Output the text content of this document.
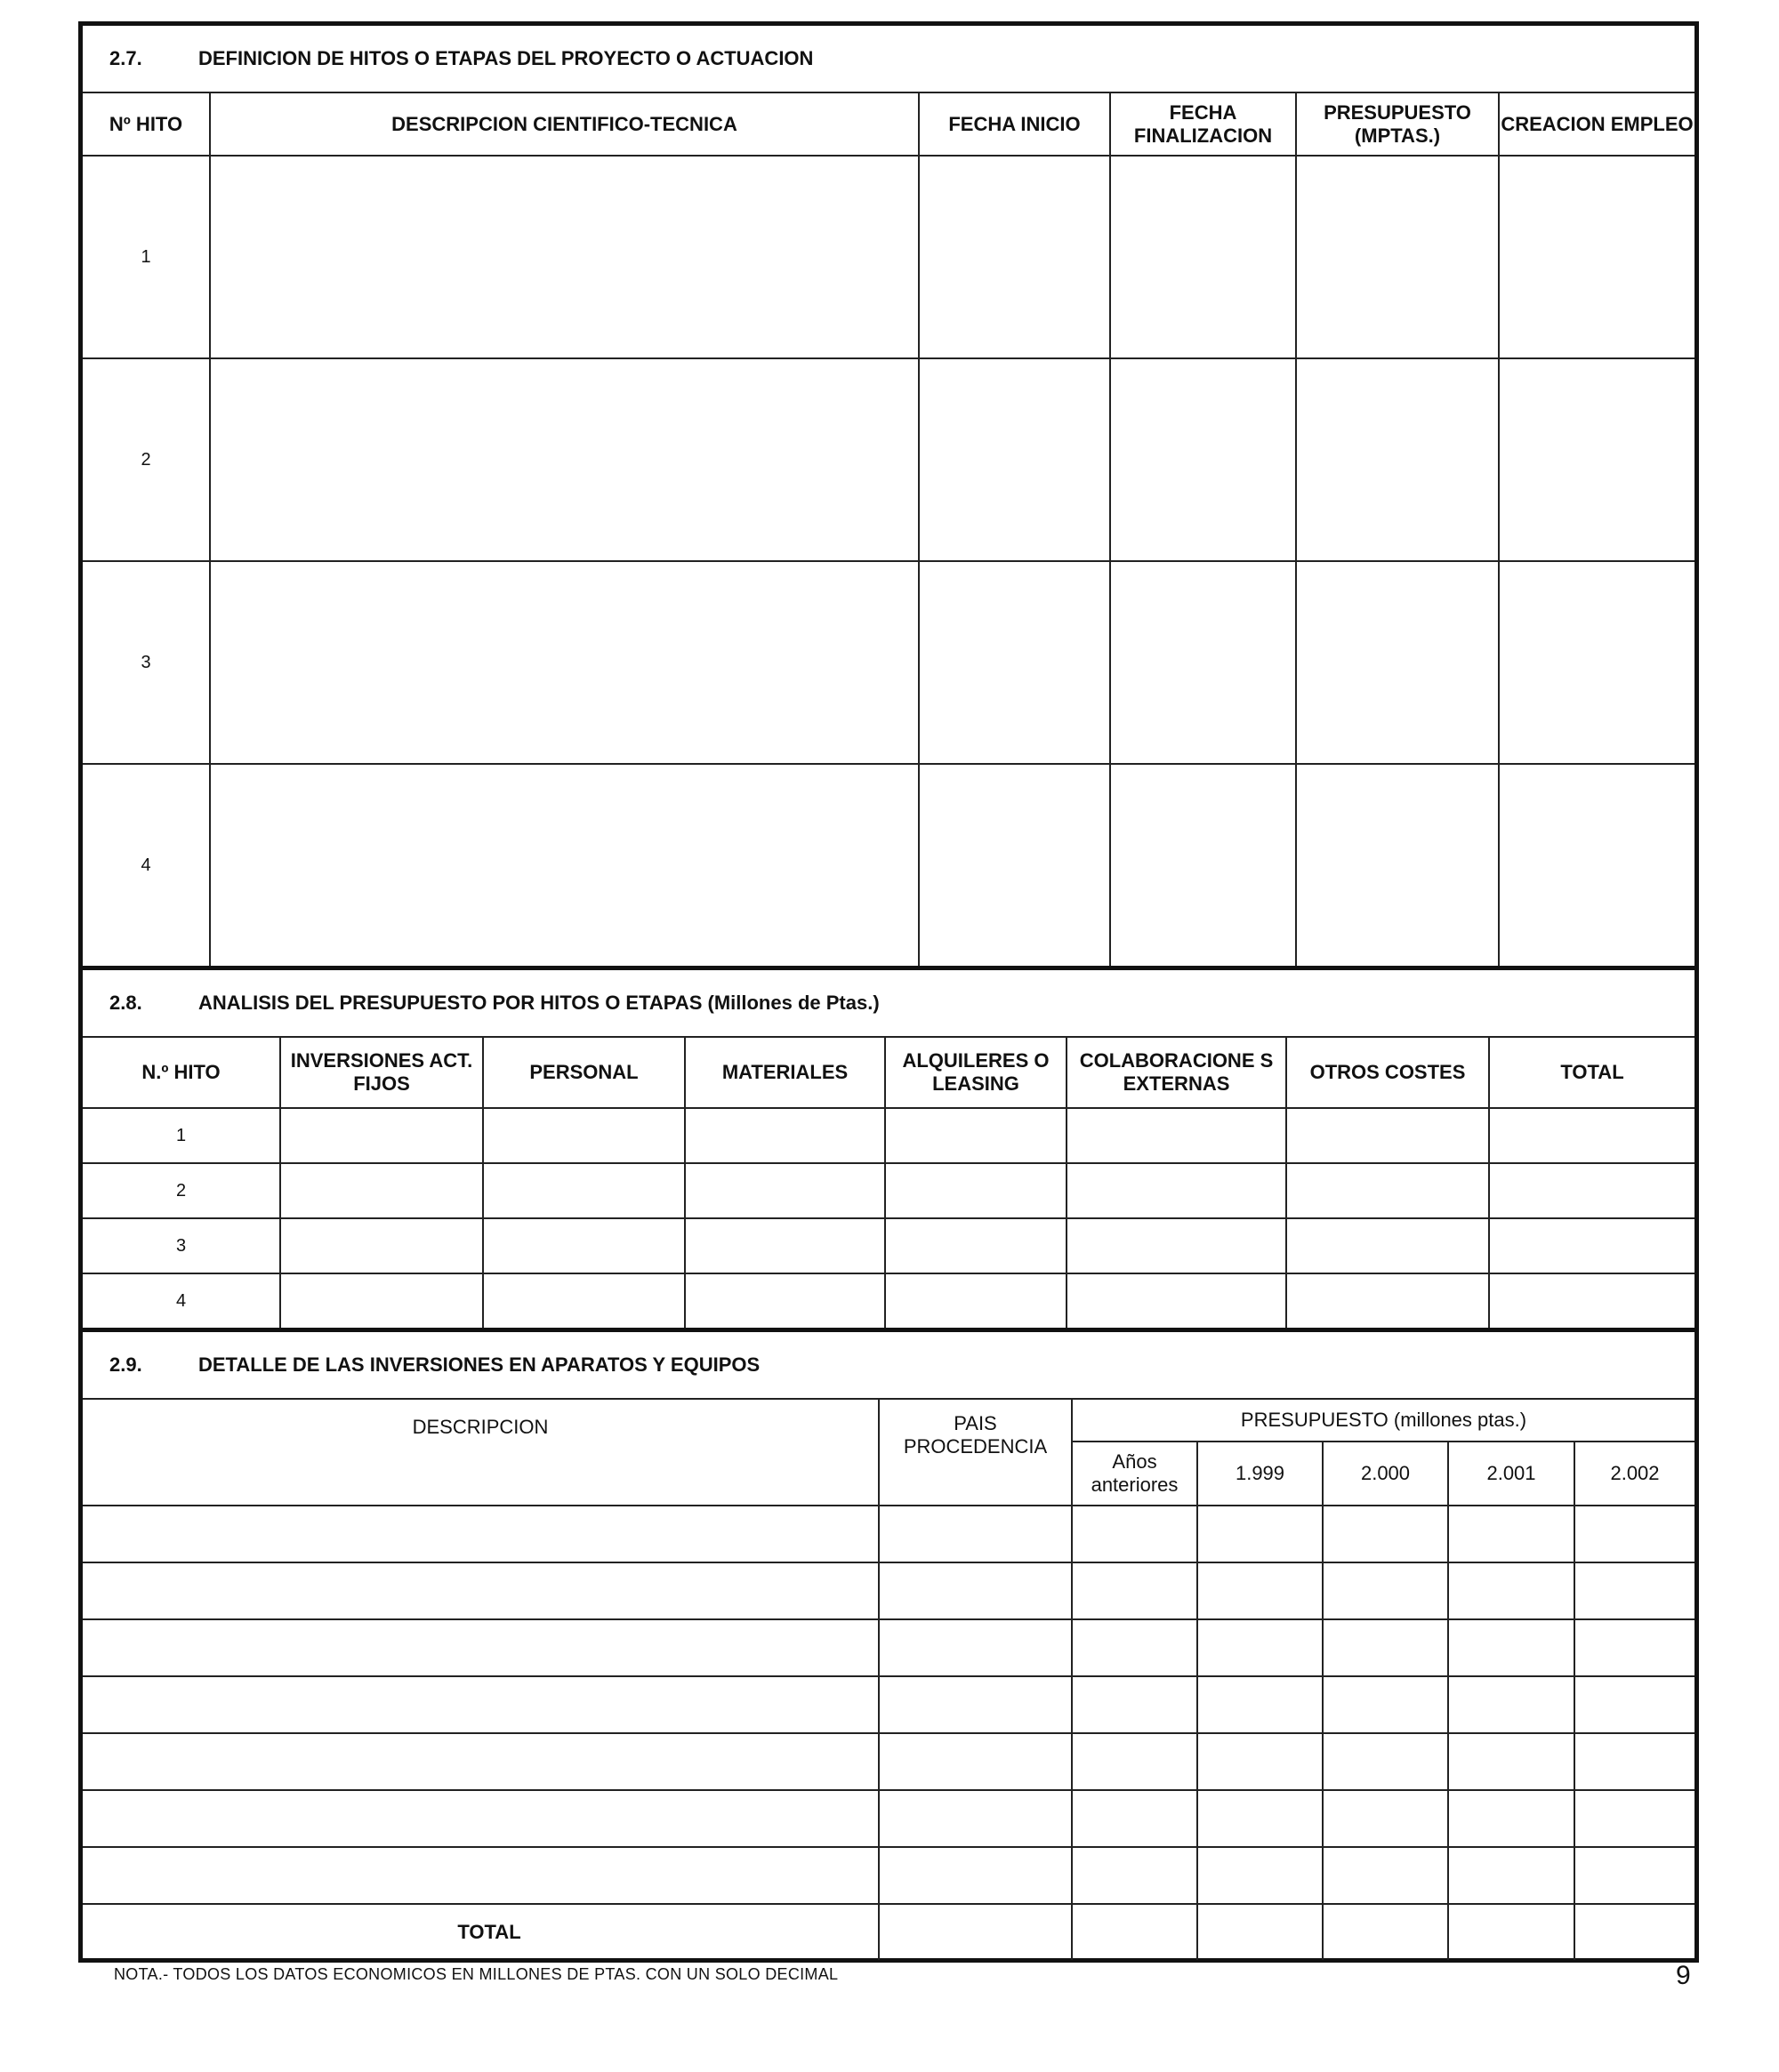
2.7.	DEFINICION DE HITOS O ETAPAS DEL PROYECTO O ACTUACION
Nº HITO	DESCRIPCION CIENTIFICO-TECNICA	FECHA INICIO	FECHA FINALIZACION	PRESUPUESTO (MPTAS.)	CREACION EMPLEO
1					
2					
3					
4					
2.8.	ANALISIS DEL PRESUPUESTO POR HITOS O ETAPAS (Millones de Ptas.)
N.º HITO	INVERSIONES ACT. FIJOS	PERSONAL	MATERIALES	ALQUILERES O LEASING	COLABORACIONE S EXTERNAS	OTROS COSTES	TOTAL
1							
2							
3							
4							
2.9.	DETALLE DE LAS INVERSIONES EN APARATOS Y EQUIPOS
DESCRIPCION	PAIS PROCEDENCIA	PRESUPUESTO (millones ptas.)				
		Años anteriores	1.999	2.000	2.001	2.002

TOTAL						
NOTA.- TODOS LOS DATOS ECONOMICOS EN MILLONES DE PTAS. CON UN SOLO DECIMAL	9
